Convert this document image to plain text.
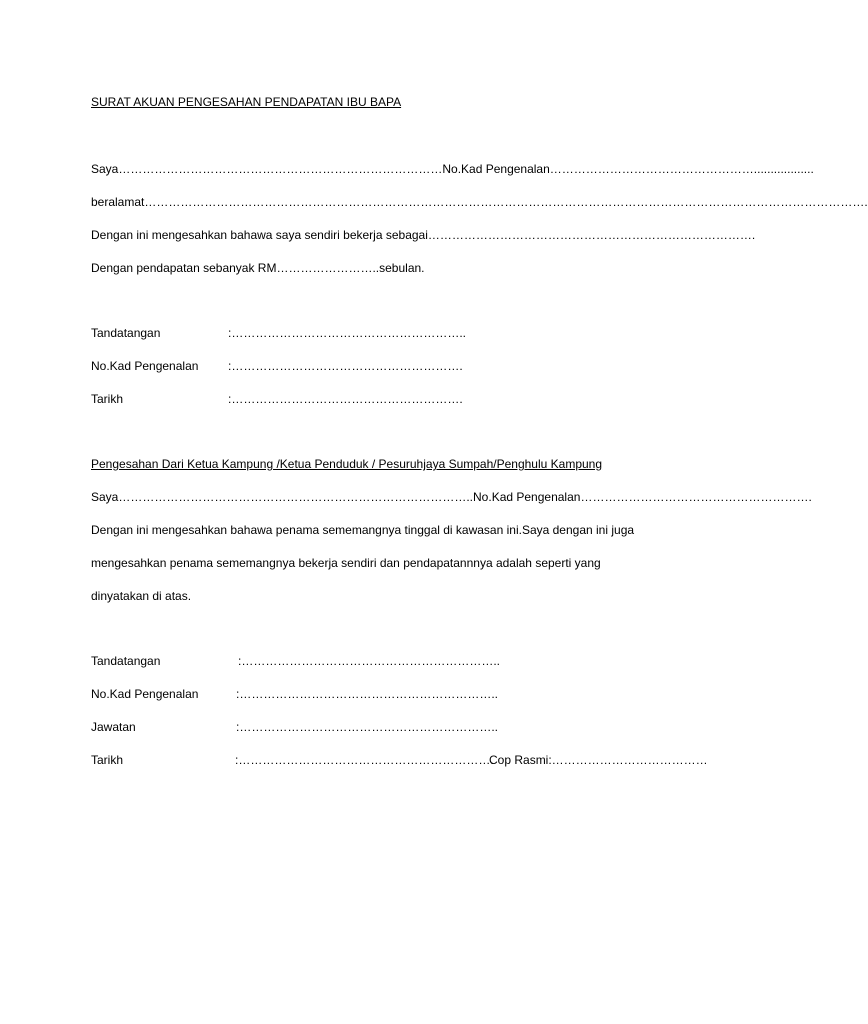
SURAT AKUAN PENGESAHAN PENDAPATAN IBU BAPA
Saya………………………………………………………………………No.Kad Pengenalan……………………………………………..................
beralamat……………………………………………………………………………………………………………………………………………………………….
Dengan ini mengesahkan bahawa saya sendiri bekerja sebagai……………………………………………………………………….
Dengan pendapatan sebanyak RM……………………..sebulan.
Tandatangan	:…………………………………………………..
No.Kad Pengenalan :………………………………………………….
Tarikh	:………………………………………………….
Pengesahan Dari Ketua Kampung /Ketua Penduduk / Pesuruhjaya Sumpah/Penghulu Kampung
Saya……………………………………………………………………………..No.Kad Pengenalan………………………………………………….
Dengan ini mengesahkan bahawa penama sememangnya tinggal di kawasan ini.Saya dengan ini juga
mengesahkan penama sememangnya bekerja sendiri dan pendapatannnya adalah seperti yang
dinyatakan di atas.
Tandatangan	:………………………………………………………..
No.Kad Pengenalan	:………………………………………………………..
Jawatan	:………………………………………………………..
Tarikh	:……………………………………………………….
Cop Rasmi:…………………………………
